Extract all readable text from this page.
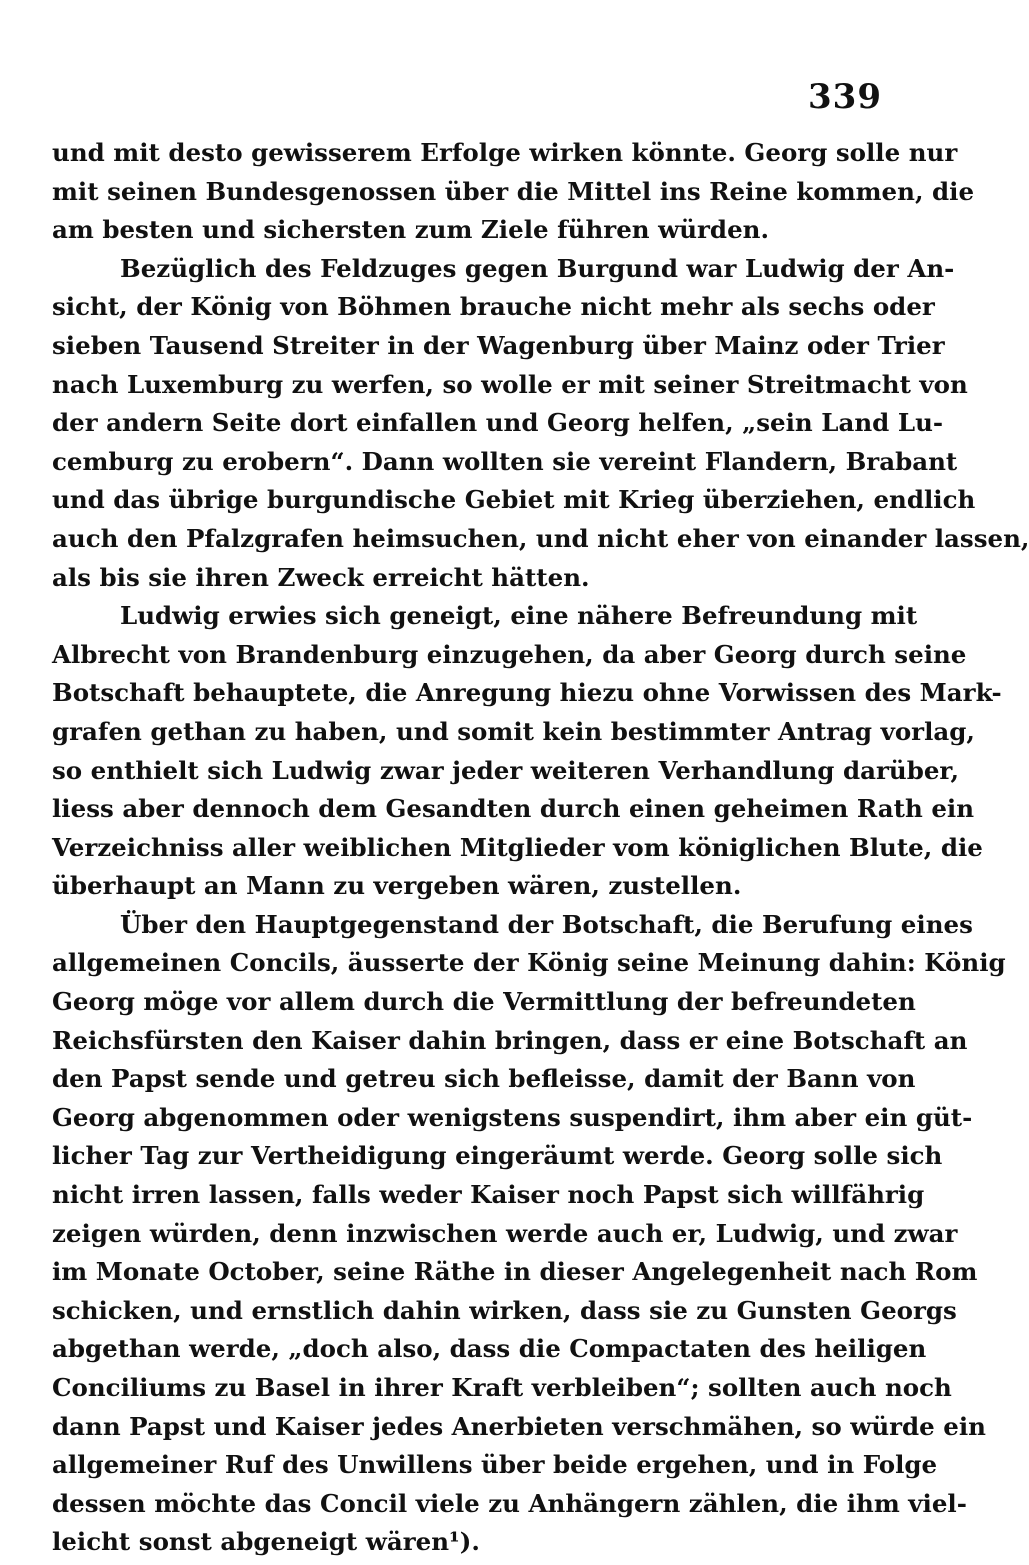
339
und mit desto gewisserem Erfolge wirken könnte. Georg solle nur
mit seinen Bundesgenossen über die Mittel ins Reine kommen, die
am besten und sichersten zum Ziele führen würden.
Bezüglich des Feldzuges gegen Burgund war Ludwig der An-
sicht, der König von Böhmen brauche nicht mehr als sechs oder
sieben Tausend Streiter in der Wagenburg über Mainz oder Trier
nach Luxemburg zu werfen, so wolle er mit seiner Streitmacht von
der andern Seite dort einfallen und Georg helfen, „sein Land Lu-
cemburg zu erobern“. Dann wollten sie vereint Flandern, Brabant
und das übrige burgundische Gebiet mit Krieg überziehen, endlich
auch den Pfalzgrafen heimsuchen, und nicht eher von einander lassen,
als bis sie ihren Zweck erreicht hätten.
Ludwig erwies sich geneigt, eine nähere Befreundung mit
Albrecht von Brandenburg einzugehen, da aber Georg durch seine
Botschaft behauptete, die Anregung hiezu ohne Vorwissen des Mark-
grafen gethan zu haben, und somit kein bestimmter Antrag vorlag,
so enthielt sich Ludwig zwar jeder weiteren Verhandlung darüber,
liess aber dennoch dem Gesandten durch einen geheimen Rath ein
Verzeichniss aller weiblichen Mitglieder vom königlichen Blute, die
überhaupt an Mann zu vergeben wären, zustellen.
Über den Hauptgegenstand der Botschaft, die Berufung eines
allgemeinen Concils, äusserte der König seine Meinung dahin: König
Georg möge vor allem durch die Vermittlung der befreundeten
Reichsfürsten den Kaiser dahin bringen, dass er eine Botschaft an
den Papst sende und getreu sich befleisse, damit der Bann von
Georg abgenommen oder wenigstens suspendirt, ihm aber ein güt-
licher Tag zur Vertheidigung eingeräumt werde. Georg solle sich
nicht irren lassen, falls weder Kaiser noch Papst sich willfährig
zeigen würden, denn inzwischen werde auch er, Ludwig, und zwar
im Monate October, seine Räthe in dieser Angelegenheit nach Rom
schicken, und ernstlich dahin wirken, dass sie zu Gunsten Georgs
abgethan werde, „doch also, dass die Compactaten des heiligen
Conciliums zu Basel in ihrer Kraft verbleiben“; sollten auch noch
dann Papst und Kaiser jedes Anerbieten verschmähen, so würde ein
allgemeiner Ruf des Unwillens über beide ergehen, und in Folge
dessen möchte das Concil viele zu Anhängern zählen, die ihm viel-
leicht sonst abgeneigt wären¹).
